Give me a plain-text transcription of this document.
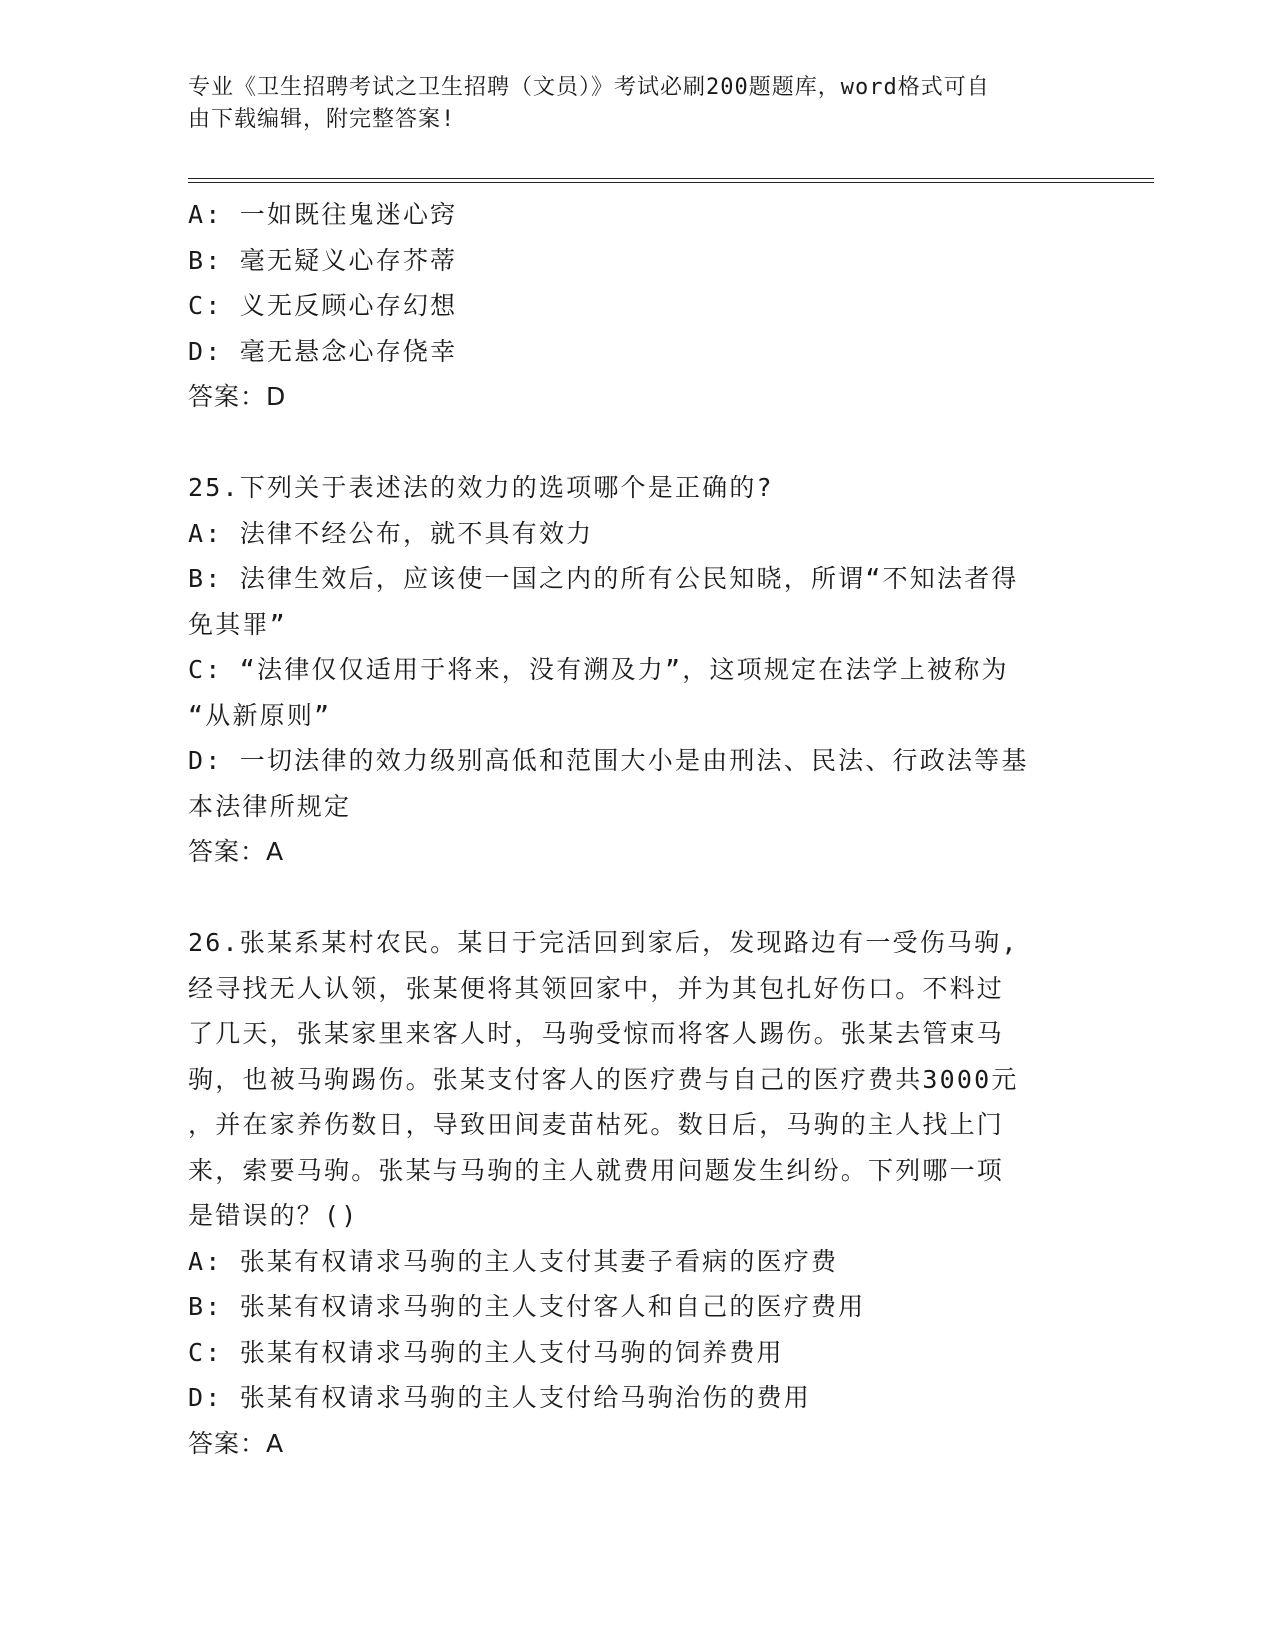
专业《卫生招聘考试之卫生招聘（文员）》考试必刷200题题库，word格式可自
由下载编辑，附完整答案!
A: 一如既往鬼迷心窍
B: 毫无疑义心存芥蒂
C: 义无反顾心存幻想
D: 毫无悬念心存侥幸
答案：D
25.下列关于表述法的效力的选项哪个是正确的?
A: 法律不经公布，就不具有效力
B: 法律生效后，应该使一国之内的所有公民知晓，所谓“不知法者得
免其罪”
C: “法律仅仅适用于将来，没有溯及力”，这项规定在法学上被称为
“从新原则”
D: 一切法律的效力级别高低和范围大小是由刑法、民法、行政法等基
本法律所规定
答案：A
26.张某系某村农民。某日于完活回到家后，发现路边有一受伤马驹,
经寻找无人认领，张某便将其领回家中，并为其包扎好伤口。不料过
了几天，张某家里来客人时，马驹受惊而将客人踢伤。张某去管束马
驹，也被马驹踢伤。张某支付客人的医疗费与自己的医疗费共3000元
，并在家养伤数日，导致田间麦苗枯死。数日后，马驹的主人找上门
来，索要马驹。张某与马驹的主人就费用问题发生纠纷。下列哪一项
是错误的？()
A: 张某有权请求马驹的主人支付其妻子看病的医疗费
B: 张某有权请求马驹的主人支付客人和自己的医疗费用
C: 张某有权请求马驹的主人支付马驹的饲养费用
D: 张某有权请求马驹的主人支付给马驹治伤的费用
答案：A
